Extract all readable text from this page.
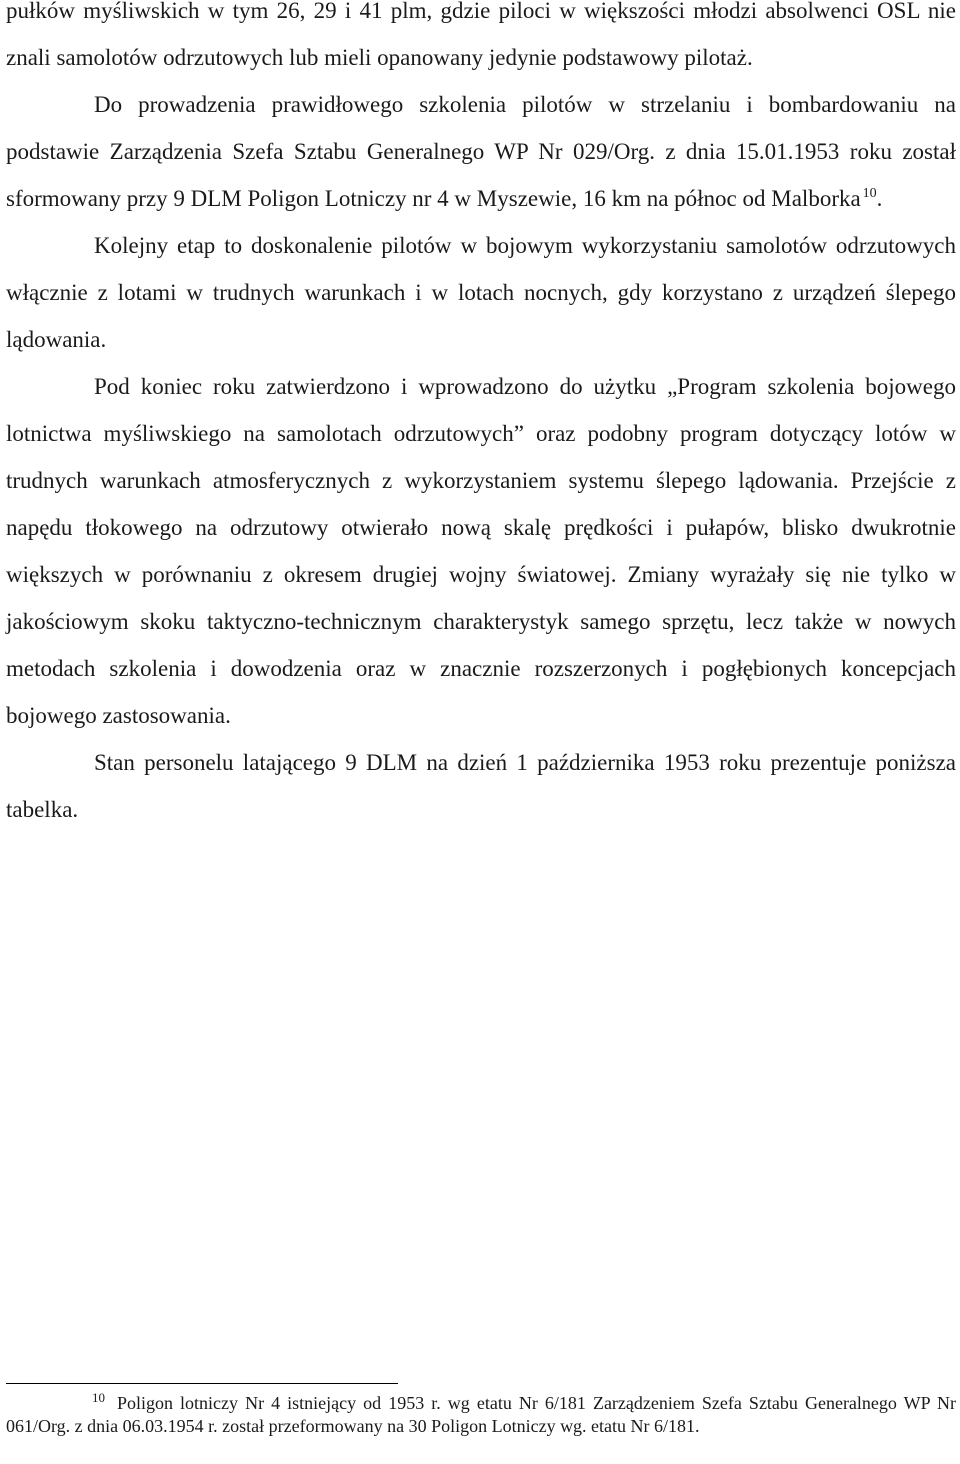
pułków myśliwskich w tym 26, 29 i 41 plm, gdzie piloci w większości młodzi absolwenci OSL nie znali samolotów odrzutowych lub mieli opanowany jedynie podstawowy pilotaż.

Do prowadzenia prawidłowego szkolenia pilotów w strzelaniu i bombardowaniu na podstawie Zarządzenia Szefa Sztabu Generalnego WP Nr 029/Org. z dnia 15.01.1953 roku został sformowany przy 9 DLM Poligon Lotniczy nr 4 w Myszewie, 16 km na północ od Malborka  $^{10}$.

Kolejny etap to doskonalenie pilotów w bojowym wykorzystaniu samolotów odrzutowych włącznie z lotami w trudnych warunkach i w lotach nocnych, gdy korzystano z urządzeń ślepego lądowania.

Pod koniec roku zatwierdzono i wprowadzono do użytku „Program szkolenia bojowego lotnictwa myśliwskiego na samolotach odrzutowych” oraz podobny program dotyczący lotów w trudnych warunkach atmosferycznych z wykorzystaniem systemu ślepego lądowania. Przejście z napędu tłokowego na odrzutowy otwierało nową skalę prędkości i pułapów, blisko dwukrotnie większych w porównaniu z okresem drugiej wojny światowej. Zmiany wyrażały się nie tylko w jakościowym skoku taktyczno-technicznym charakterystyk samego sprzętu, lecz także w nowych metodach szkolenia i dowodzenia oraz w znacznie rozszerzonych i pogłębionych koncepcjach bojowego zastosowania.

Stan personelu latającego 9 DLM na dzień 1 października 1953 roku prezentuje poniższa tabelka.

$^{10}$ Poligon lotniczy Nr 4 istniejący od 1953 r. wg etatu Nr 6/181 Zarządzeniem Szefa Sztabu Generalnego WP Nr 061/Org. z dnia 06.03.1954 r. został przeformowany na 30 Poligon Lotniczy wg. etatu Nr 6/181.
